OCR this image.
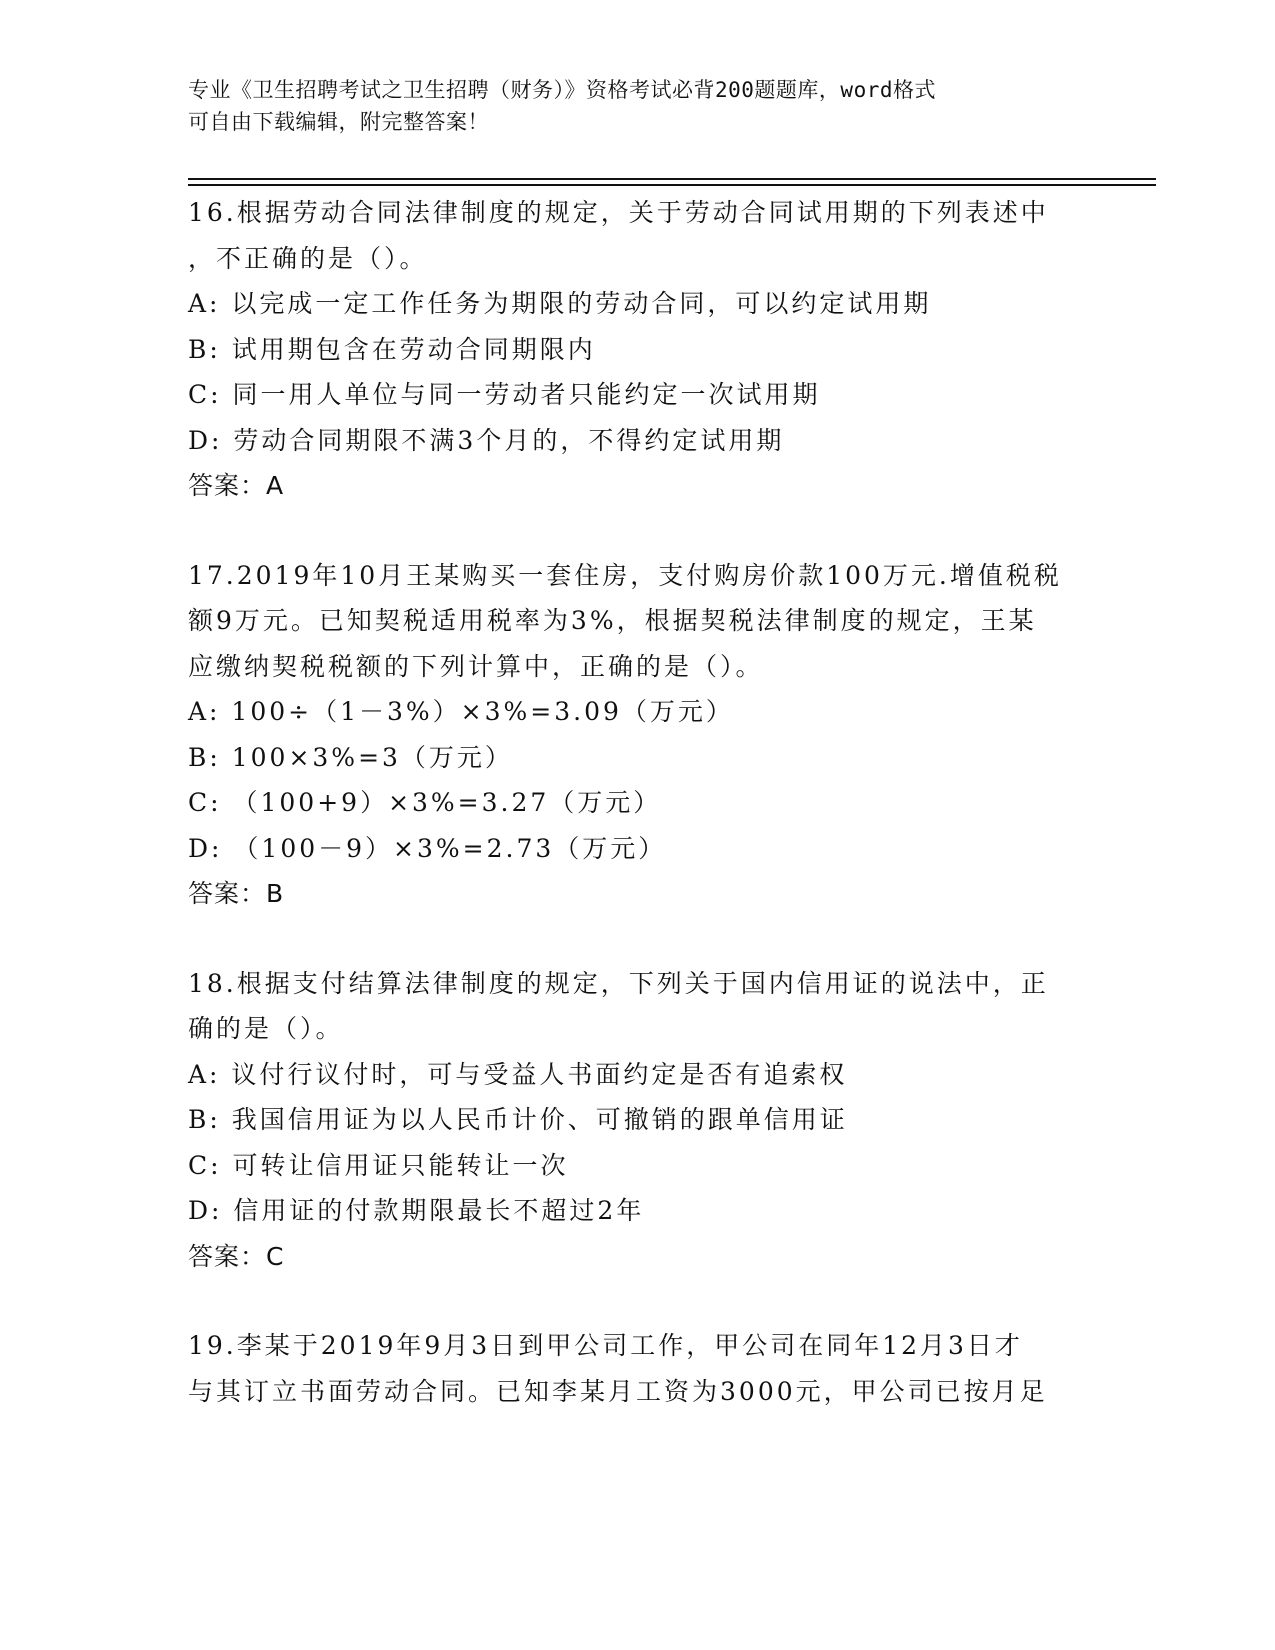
专业《卫生招聘考试之卫生招聘（财务）》资格考试必背200题题库，word格式
可自由下载编辑，附完整答案！
16.根据劳动合同法律制度的规定，关于劳动合同试用期的下列表述中
，不正确的是（）。
A: 以完成一定工作任务为期限的劳动合同，可以约定试用期
B: 试用期包含在劳动合同期限内
C: 同一用人单位与同一劳动者只能约定一次试用期
D: 劳动合同期限不满3个月的，不得约定试用期
答案：A
17.2019年10月王某购买一套住房，支付购房价款100万元.增值税税
额9万元。已知契税适用税率为3%，根据契税法律制度的规定，王某
应缴纳契税税额的下列计算中，正确的是（）。
A: 100÷（1－3%）×3%=3.09（万元）
B: 100×3%=3（万元）
C: （100+9）×3%=3.27（万元）
D: （100－9）×3%=2.73（万元）
答案：B
18.根据支付结算法律制度的规定，下列关于国内信用证的说法中，正
确的是（）。
A: 议付行议付时，可与受益人书面约定是否有追索权
B: 我国信用证为以人民币计价、可撤销的跟单信用证
C: 可转让信用证只能转让一次
D: 信用证的付款期限最长不超过2年
答案：C
19.李某于2019年9月3日到甲公司工作，甲公司在同年12月3日才
与其订立书面劳动合同。已知李某月工资为3000元，甲公司已按月足
